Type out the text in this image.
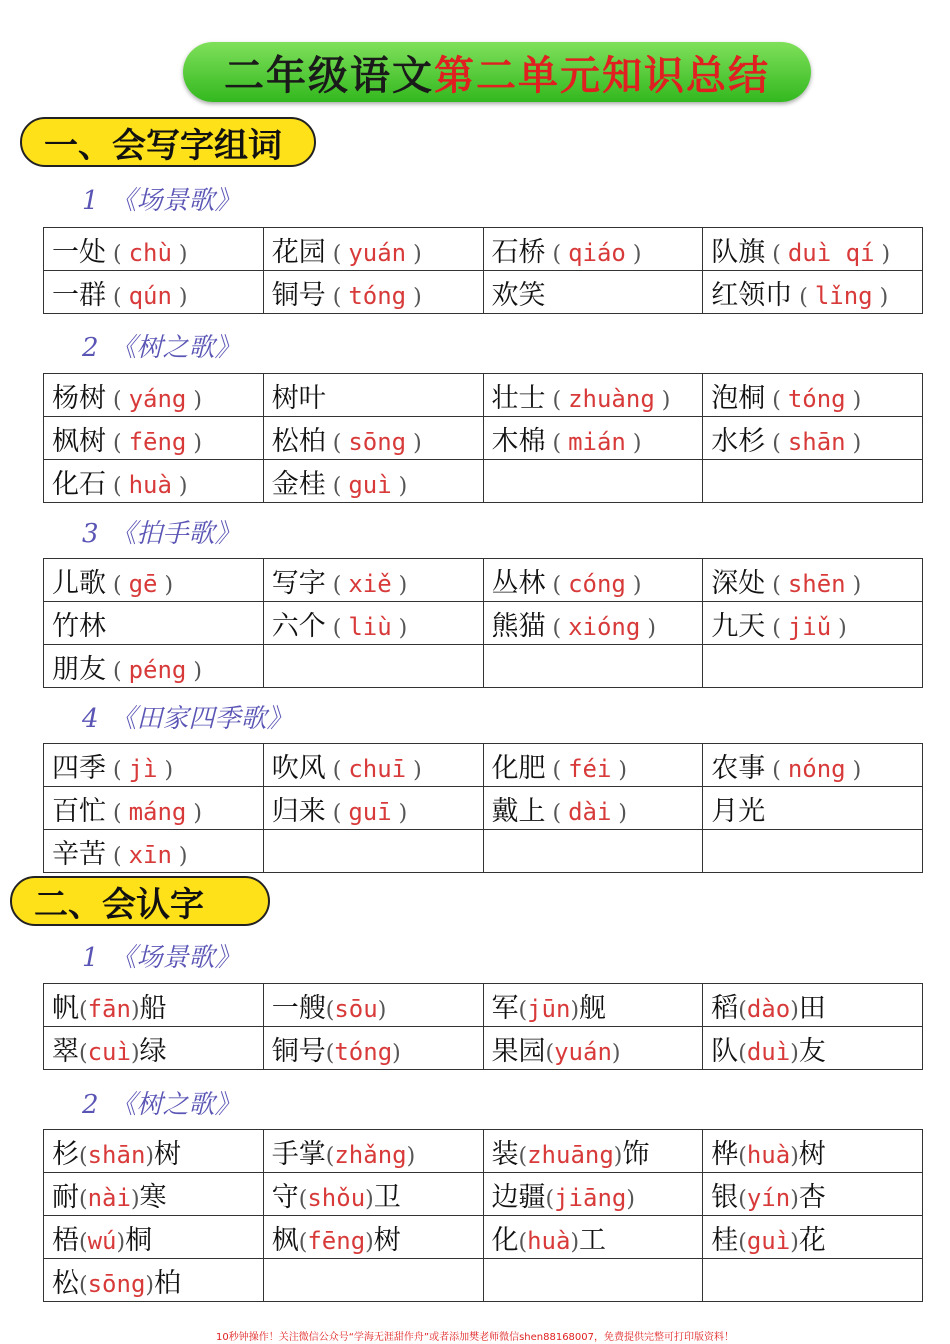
二年级语文 第二单元知识总结
一、会写字组词
1 《场景歌》
一处 ( chù )	花园 ( yuán )	石桥 ( qiáo )	队旗 ( duì qí )
一群 ( qún )	铜号 ( tóng )	欢笑	红领巾 ( lǐng )
2 《树之歌》
杨树 ( yáng )	树叶	壮士 ( zhuàng )	泡桐 ( tóng )
枫树 ( fēng )	松柏 ( sōng )	木棉 ( mián )	水杉 ( shān )
化石 ( huà )	金桂 ( guì )		
3 《拍手歌》
儿歌 ( gē )	写字 ( xiě )	丛林 ( cóng )	深处 ( shēn )
竹林	六个 ( liù )	熊猫 ( xióng )	九天 ( jiǔ )
朋友 ( péng )			
4 《田家四季歌》
四季 ( jì )	吹风 ( chuī )	化肥 ( féi )	农事 ( nóng )
百忙 ( máng )	归来 ( guī )	戴上 ( dài )	月光
辛苦 ( xīn )			
二、会认字
1 《场景歌》
帆(fān)船	一艘(sōu)	军(jūn)舰	稻(dào)田
翠(cuì)绿	铜号(tóng)	果园(yuán)	队(duì)友
2 《树之歌》
杉(shān)树	手掌(zhǎng)	装(zhuāng)饰	桦(huà)树
耐(nài)寒	守(shǒu)卫	边疆(jiāng)	银(yín)杏
梧(wú)桐	枫(fēng)树	化(huà)工	桂(guì)花
松(sōng)柏			
10秒钟操作！关注微信公众号“学海无涯甜作舟”或者添加樊老师微信shen88168007，免费提供完整可打印版资料！
